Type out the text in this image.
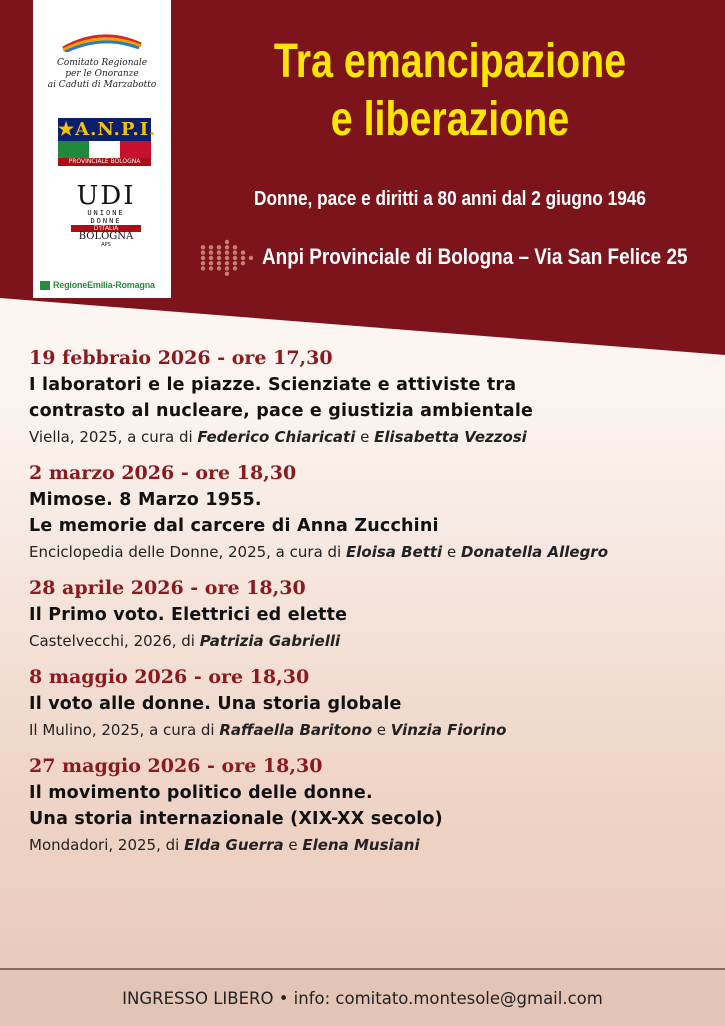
Comitato Regionale
per le Onoranze
ai Caduti di Marzabotto
★A.N.P.I.
PROVINCIALE BOLOGNA
UDI
UNIONE
DONNE
D'ITALIA
BOLOGNA
APS
RegioneEmilia-Romagna
Tra emancipazione
e liberazione
Donne, pace e diritti a 80 anni dal 2 giugno 1946
Anpi Provinciale di Bologna – Via San Felice 25
19 febbraio 2026 - ore 17,30
I laboratori e le piazze. Scienziate e attiviste tra
contrasto al nucleare, pace e giustizia ambientale
Viella, 2025, a cura di Federico Chiaricati e Elisabetta Vezzosi
2 marzo 2026 - ore 18,30
Mimose. 8 Marzo 1955.
Le memorie dal carcere di Anna Zucchini
Enciclopedia delle Donne, 2025, a cura di Eloisa Betti e Donatella Allegro
28 aprile 2026 - ore 18,30
Il Primo voto. Elettrici ed elette
Castelvecchi, 2026, di Patrizia Gabrielli
8 maggio 2026 - ore 18,30
Il voto alle donne. Una storia globale
Il Mulino, 2025, a cura di Raffaella Baritono e Vinzia Fiorino
27 maggio 2026 - ore 18,30
Il movimento politico delle donne.
Una storia internazionale (XIX-XX secolo)
Mondadori, 2025, di Elda Guerra e Elena Musiani
INGRESSO LIBERO • info: comitato.montesole@gmail.com
